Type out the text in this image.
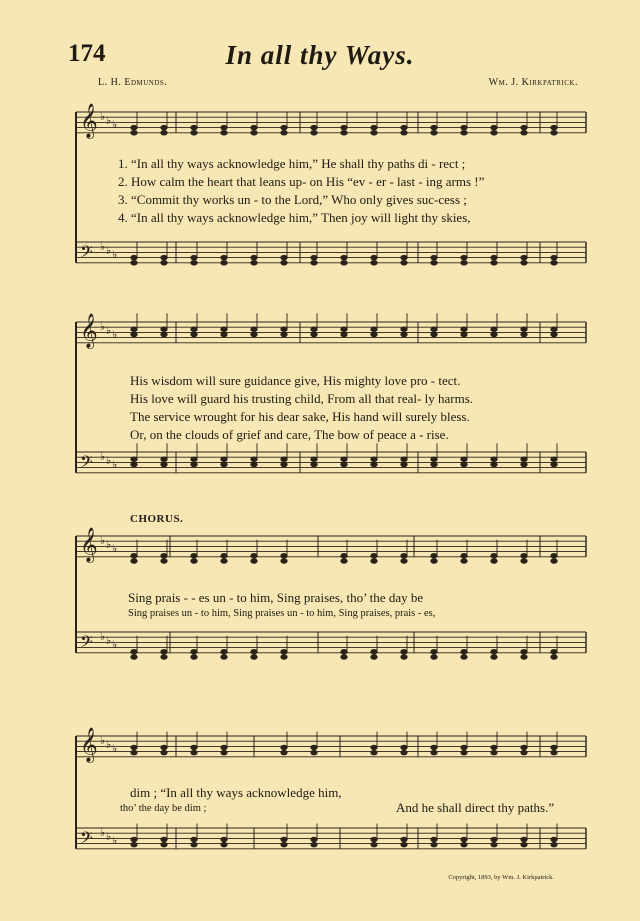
174	In all thy Ways.
L. H. Edmunds.	Wm. J. Kirkpatrick.
𝄞 ♭ ♭ ♭
𝄢 ♭ ♭ ♭
𝄞 ♭ ♭ ♭
𝄢 ♭ ♭ ♭
𝄞 ♭ ♭ ♭
𝄢 ♭ ♭ ♭
𝄞 ♭ ♭ ♭
𝄢 ♭ ♭ ♭
1. “In all thy ways acknowledge him,” He shall thy paths di - rect ;
2. How calm the heart that leans up- on His “ev - er - last - ing arms !”
3. “Commit thy works un - to the Lord,” Who only gives suc-cess ;
4. “In all thy ways acknowledge him,” Then joy will light thy skies,
His wisdom will sure guidance give, His mighty love pro - tect.
His love will guard his trusting child, From all that real- ly harms.
The service wrought for his dear sake, His hand will surely bless.
Or, on the clouds of grief and care, The bow of peace a - rise.
CHORUS.
Sing prais - - es un - to him, Sing praises, tho’ the day be
Sing praises un - to him, Sing praises un - to him, Sing praises, prais - es,
dim ; “In all thy ways acknowledge him,
tho’ the day be dim ;	And he shall direct thy paths.”
Copyright, 1893, by Wm. J. Kirkpatrick.
